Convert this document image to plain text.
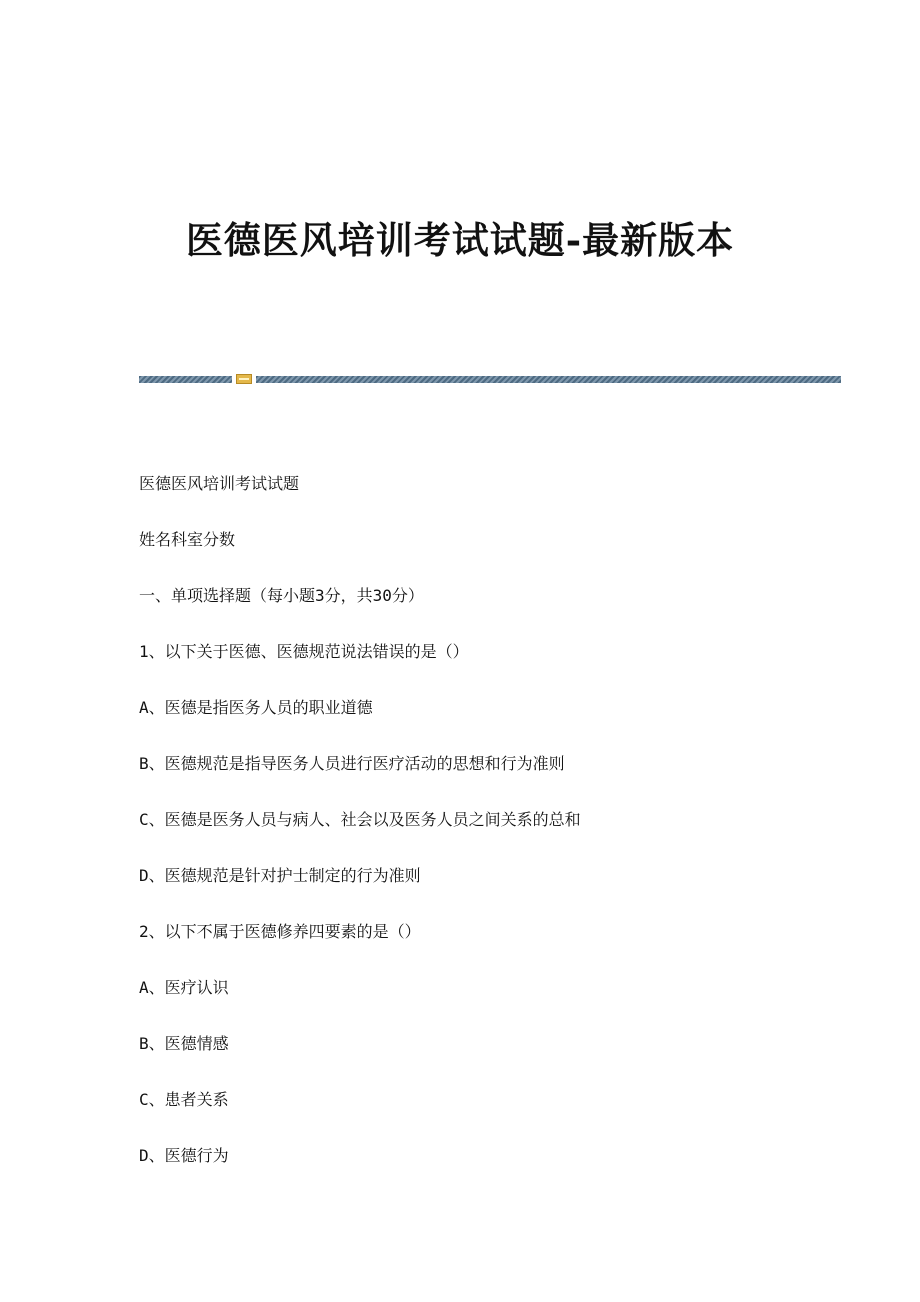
医德医风培训考试试题-最新版本
医德医风培训考试试题
姓名科室分数
一、单项选择题（每小题3分，共30分）
1、以下关于医德、医德规范说法错误的是（）
A、医德是指医务人员的职业道德
B、医德规范是指导医务人员进行医疗活动的思想和行为准则
C、医德是医务人员与病人、社会以及医务人员之间关系的总和
D、医德规范是针对护士制定的行为准则
2、以下不属于医德修养四要素的是（）
A、医疗认识
B、医德情感
C、患者关系
D、医德行为
